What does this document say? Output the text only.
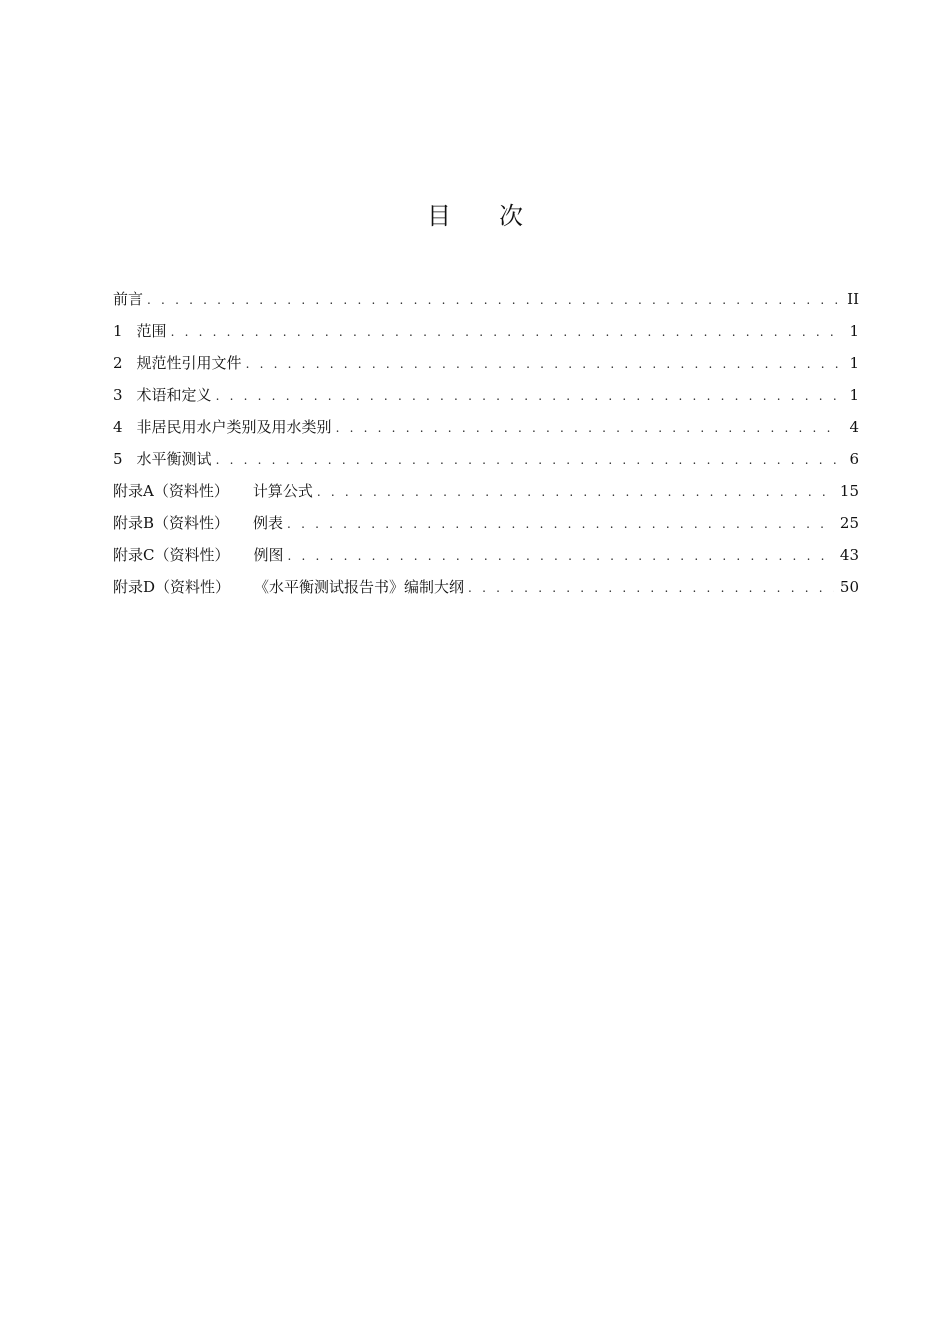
目　　次
前言 . . .	II
1 范围 . . .	1
2 规范性引用文件 . . .	1
3 术语和定义 . . .	1
4 非居民用水户类别及用水类别 . . .	4
5 水平衡测试 . . .	6
附录A（资料性） 计算公式 . . .	15
附录B（资料性） 例表 . . .	25
附录C（资料性） 例图 . . .	43
附录D（资料性） 《水平衡测试报告书》编制大纲 . . .	50
